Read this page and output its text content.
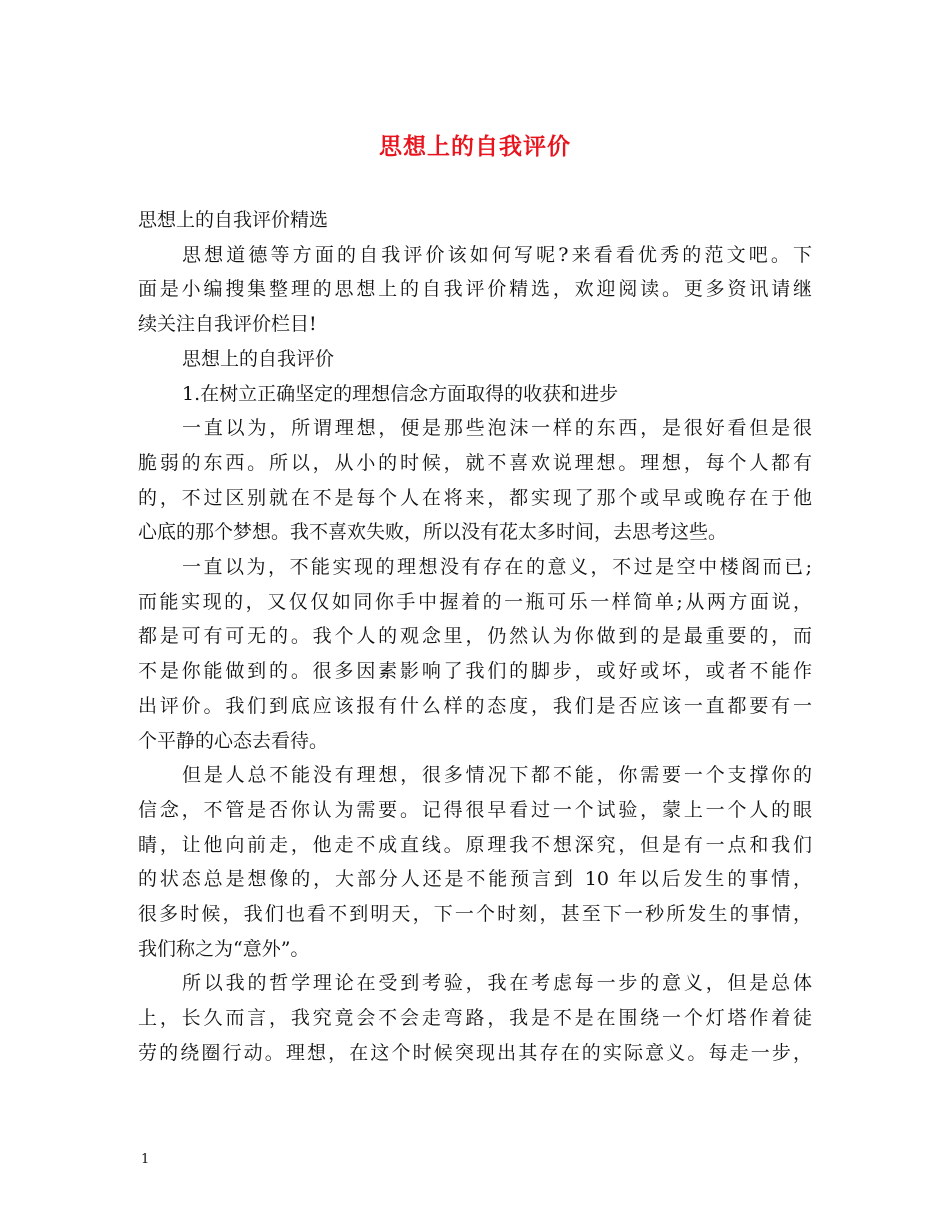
思想上的自我评价
思想上的自我评价精选
思想道德等方面的自我评价该如何写呢?来看看优秀的范文吧。下
面是小编搜集整理的思想上的自我评价精选，欢迎阅读。更多资讯请继
续关注自我评价栏目!
思想上的自我评价
1.在树立正确坚定的理想信念方面取得的收获和进步
一直以为，所谓理想，便是那些泡沫一样的东西，是很好看但是很
脆弱的东西。所以，从小的时候，就不喜欢说理想。理想，每个人都有
的，不过区别就在不是每个人在将来，都实现了那个或早或晚存在于他
心底的那个梦想。我不喜欢失败，所以没有花太多时间，去思考这些。
一直以为，不能实现的理想没有存在的意义，不过是空中楼阁而已;
而能实现的，又仅仅如同你手中握着的一瓶可乐一样简单;从两方面说，
都是可有可无的。我个人的观念里，仍然认为你做到的是最重要的，而
不是你能做到的。很多因素影响了我们的脚步，或好或坏，或者不能作
出评价。我们到底应该报有什么样的态度，我们是否应该一直都要有一
个平静的心态去看待。
但是人总不能没有理想，很多情况下都不能，你需要一个支撑你的
信念，不管是否你认为需要。记得很早看过一个试验，蒙上一个人的眼
睛，让他向前走，他走不成直线。原理我不想深究，但是有一点和我们
的状态总是想像的，大部分人还是不能预言到 10 年以后发生的事情，
很多时候，我们也看不到明天，下一个时刻，甚至下一秒所发生的事情，
我们称之为“意外”。
所以我的哲学理论在受到考验，我在考虑每一步的意义，但是总体
上，长久而言，我究竟会不会走弯路，我是不是在围绕一个灯塔作着徒
劳的绕圈行动。理想，在这个时候突现出其存在的实际意义。每走一步，
1
